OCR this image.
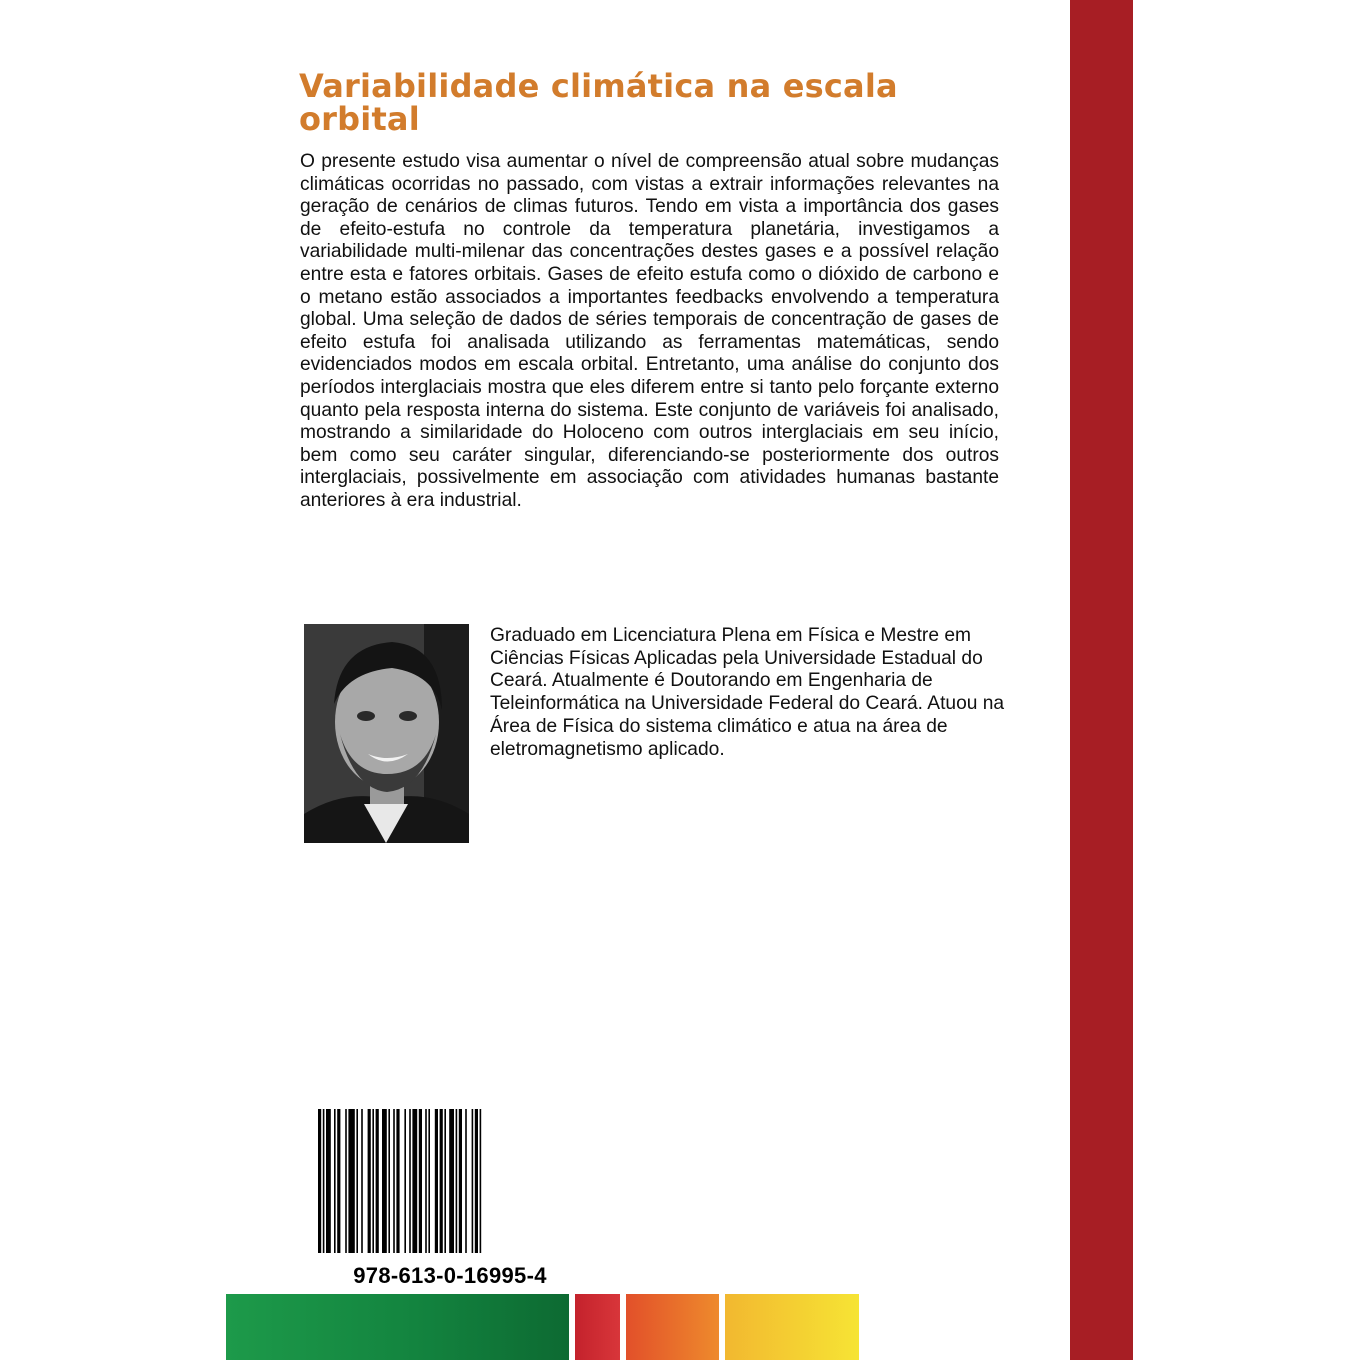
Variabilidade climática na escala orbital

O presente estudo visa aumentar o nível de compreensão atual sobre mudanças climáticas ocorridas no passado, com vistas a extrair informações relevantes na geração de cenários de climas futuros. Tendo em vista a importância dos gases de efeito-estufa no controle da temperatura planetária, investigamos a variabilidade multi-milenar das concentrações destes gases e a possível relação entre esta e fatores orbitais. Gases de efeito estufa como o dióxido de carbono e o metano estão associados a importantes feedbacks envolvendo a temperatura global. Uma seleção de dados de séries temporais de concentração de gases de efeito estufa foi analisada utilizando as ferramentas matemáticas, sendo evidenciados modos em escala orbital. Entretanto, uma análise do conjunto dos períodos interglaciais mostra que eles diferem entre si tanto pelo forçante externo quanto pela resposta interna do sistema. Este conjunto de variáveis foi analisado, mostrando a similaridade do Holoceno com outros interglaciais em seu início, bem como seu caráter singular, diferenciando-se posteriormente dos outros interglaciais, possivelmente em associação com atividades humanas bastante anteriores à era industrial.

Graduado em Licenciatura Plena em Física e Mestre em Ciências Físicas Aplicadas pela Universidade Estadual do Ceará. Atualmente é Doutorando em Engenharia de Teleinformática na Universidade Federal do Ceará. Atuou na Área de Física do sistema climático e atua na área de eletromagnetismo aplicado.

978-613-0-16995-4
